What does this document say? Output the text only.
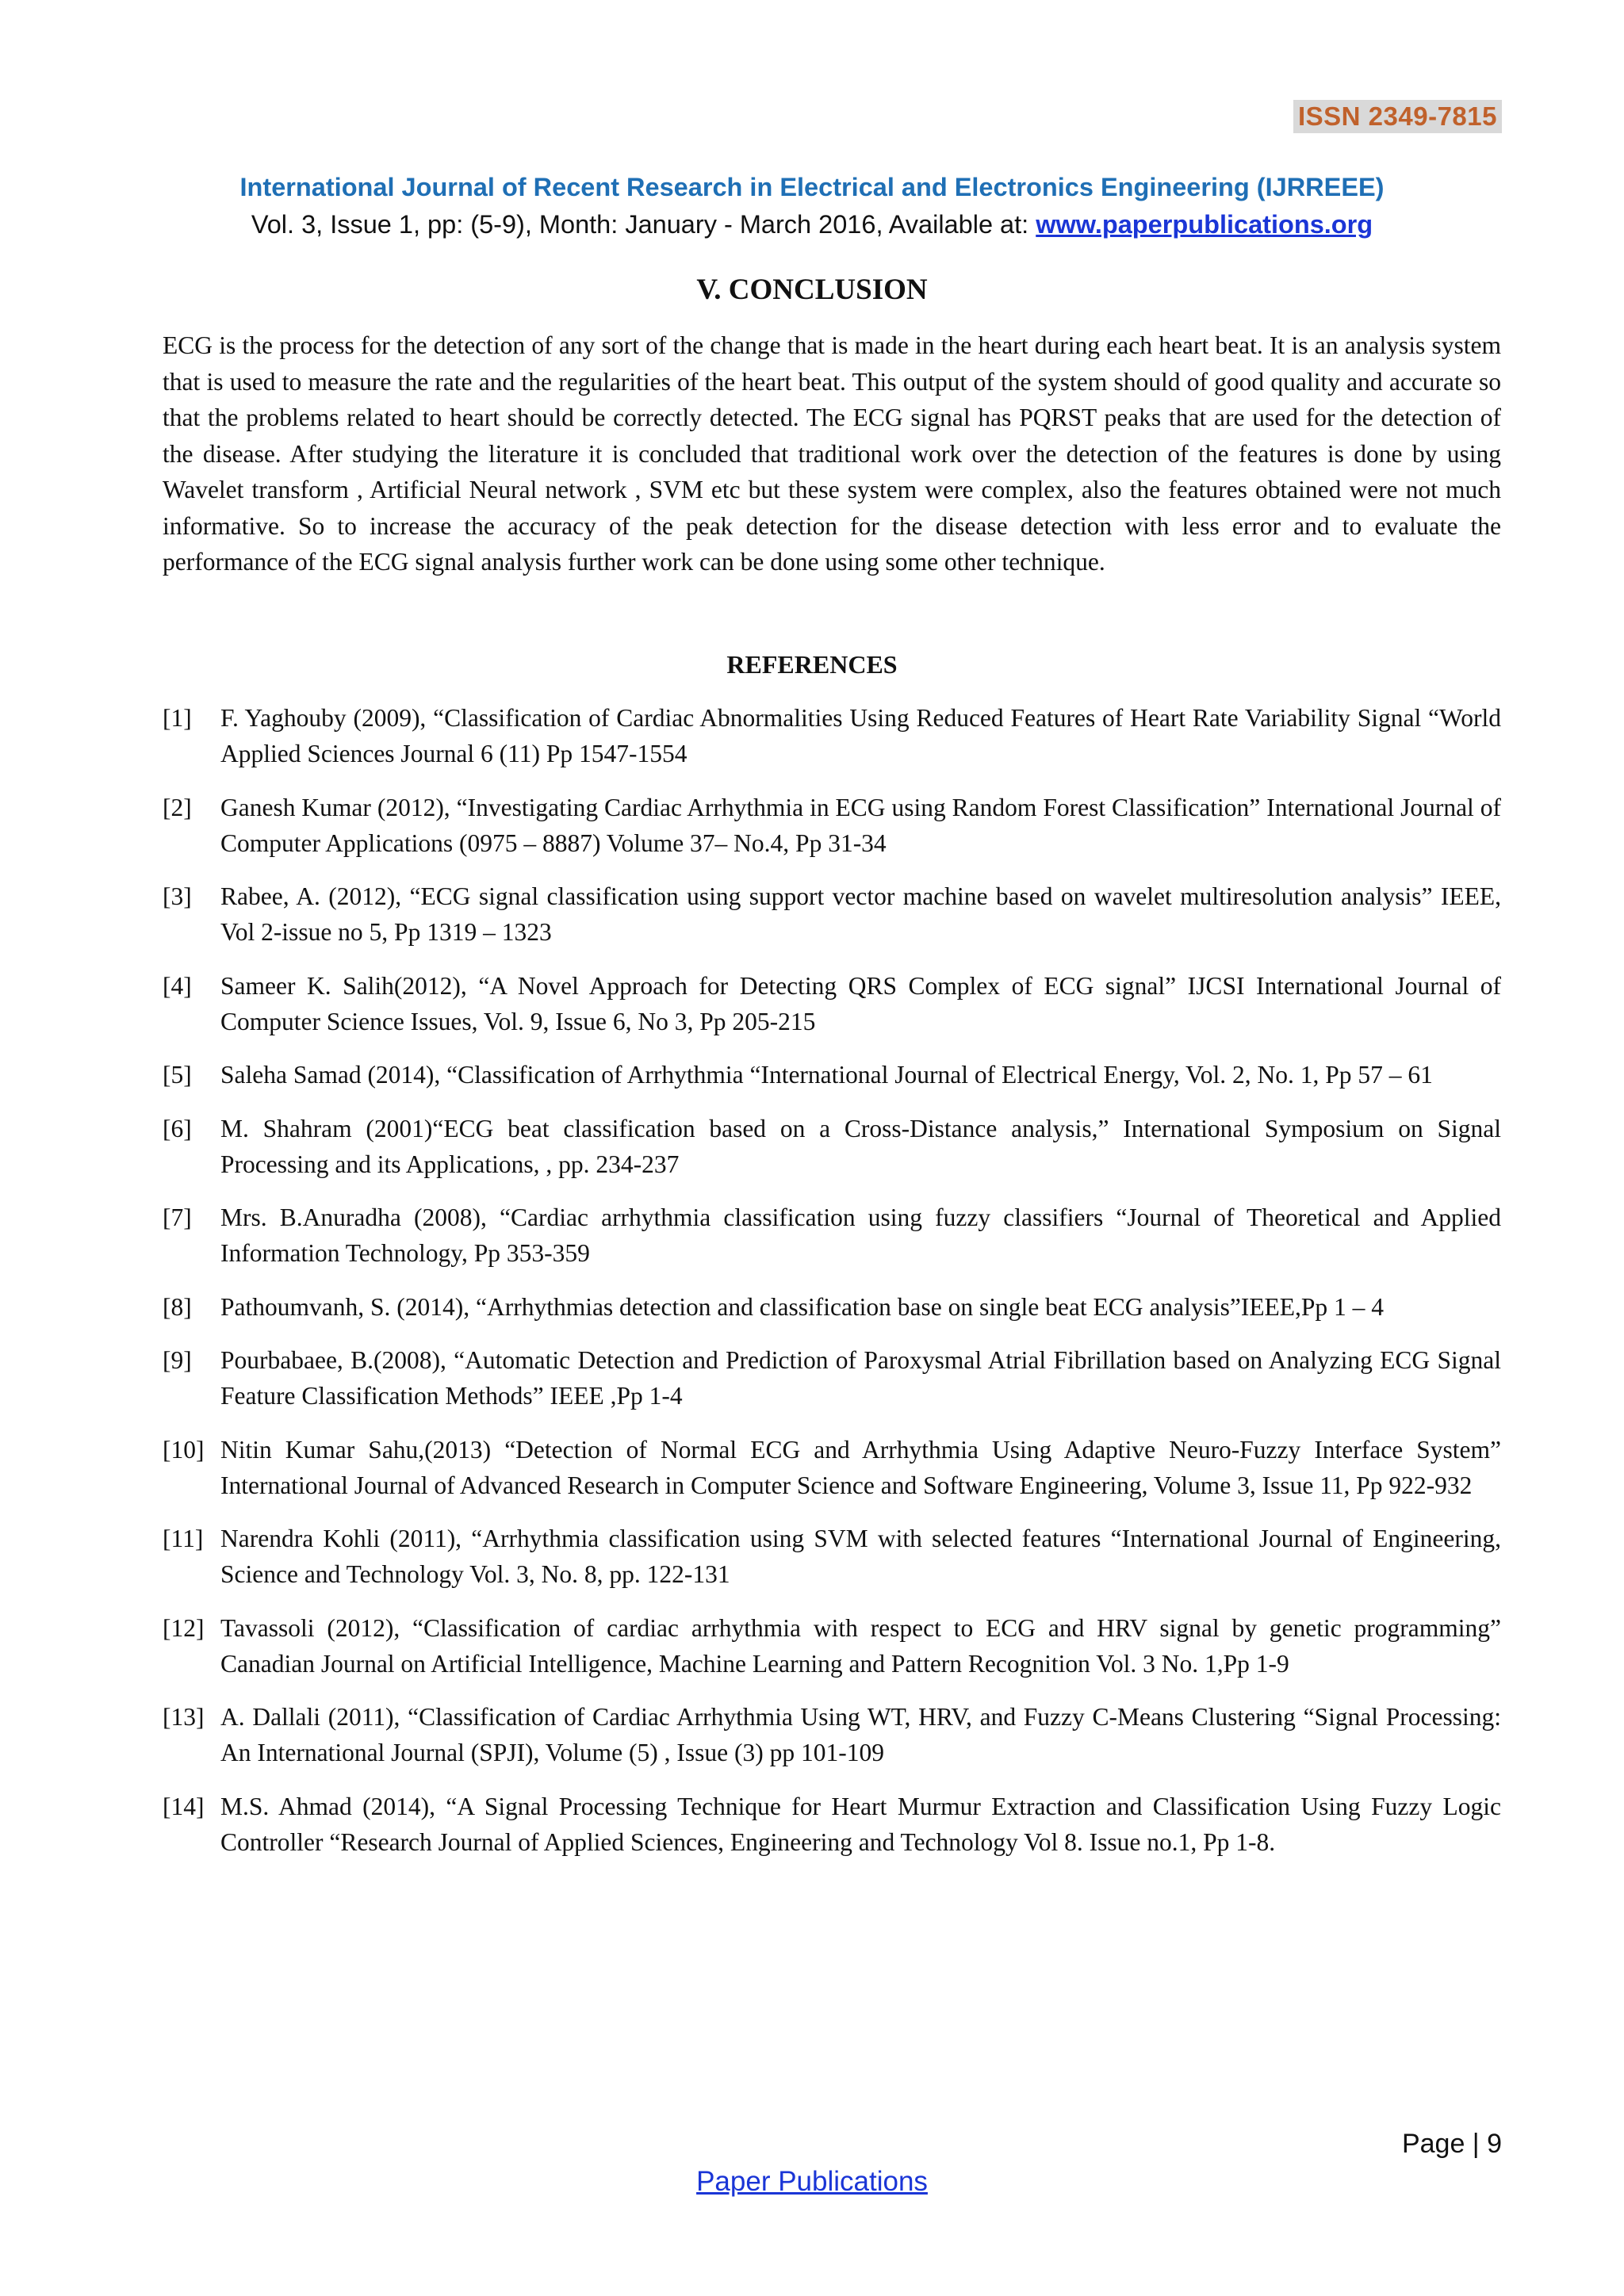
ISSN 2349-7815
International Journal of Recent Research in Electrical and Electronics Engineering (IJRREEE)
Vol. 3, Issue 1, pp: (5-9), Month: January - March 2016, Available at: www.paperpublications.org
V. CONCLUSION

ECG is the process for the detection of any sort of the change that is made in the heart during each heart beat. It is an analysis system that is used to measure the rate and the regularities of the heart beat. This output of the system should of good quality and accurate so that the problems related to heart should be correctly detected. The ECG signal has PQRST peaks that are used for the detection of the disease. After studying the literature it is concluded that traditional work over the detection of the features is done by using Wavelet transform , Artificial Neural network , SVM etc but these system were complex, also the features obtained were not much informative. So to increase the accuracy of the peak detection for the disease detection with less error and to evaluate the performance of the ECG signal analysis further work can be done using some other technique.

REFERENCES
[1]	F. Yaghouby (2009), “Classification of Cardiac Abnormalities Using Reduced Features of Heart Rate Variability Signal “World Applied Sciences Journal 6 (11) Pp 1547-1554
[2]	Ganesh Kumar (2012), “Investigating Cardiac Arrhythmia in ECG using Random Forest Classification” International Journal of Computer Applications (0975 – 8887) Volume 37– No.4, Pp 31-34
[3]	Rabee, A. (2012), “ECG signal classification using support vector machine based on wavelet multiresolution analysis” IEEE, Vol 2-issue no 5, Pp 1319 – 1323
[4]	Sameer K. Salih(2012), “A Novel Approach for Detecting QRS Complex of ECG signal” IJCSI International Journal of Computer Science Issues, Vol. 9, Issue 6, No 3, Pp 205-215
[5]	Saleha Samad (2014), “Classification of Arrhythmia “International Journal of Electrical Energy, Vol. 2, No. 1, Pp 57 – 61
[6]	M. Shahram (2001)“ECG beat classification based on a Cross-Distance analysis,” International Symposium on Signal Processing and its Applications, , pp. 234-237
[7]	Mrs. B.Anuradha (2008), “Cardiac arrhythmia classification using fuzzy classifiers “Journal of Theoretical and Applied Information Technology, Pp 353-359
[8]	Pathoumvanh, S. (2014), “Arrhythmias detection and classification base on single beat ECG analysis”IEEE,Pp 1 – 4
[9]	Pourbabaee, B.(2008), “Automatic Detection and Prediction of Paroxysmal Atrial Fibrillation based on Analyzing ECG Signal Feature Classification Methods” IEEE ,Pp 1-4
[10] Nitin Kumar Sahu,(2013) “Detection of Normal ECG and Arrhythmia Using Adaptive Neuro-Fuzzy Interface System” International Journal of Advanced Research in Computer Science and Software Engineering, Volume 3, Issue 11, Pp 922-932
[11] Narendra Kohli (2011), “Arrhythmia classification using SVM with selected features “International Journal of Engineering, Science and Technology Vol. 3, No. 8, pp. 122-131
[12] Tavassoli (2012), “Classification of cardiac arrhythmia with respect to ECG and HRV signal by genetic programming” Canadian Journal on Artificial Intelligence, Machine Learning and Pattern Recognition Vol. 3 No. 1,Pp 1-9
[13] A. Dallali (2011), “Classification of Cardiac Arrhythmia Using WT, HRV, and Fuzzy C-Means Clustering “Signal Processing: An International Journal (SPJI), Volume (5) , Issue (3) pp 101-109
[14] M.S. Ahmad (2014), “A Signal Processing Technique for Heart Murmur Extraction and Classification Using Fuzzy Logic Controller “Research Journal of Applied Sciences, Engineering and Technology Vol 8. Issue no.1, Pp 1-8.
Page | 9
Paper Publications
